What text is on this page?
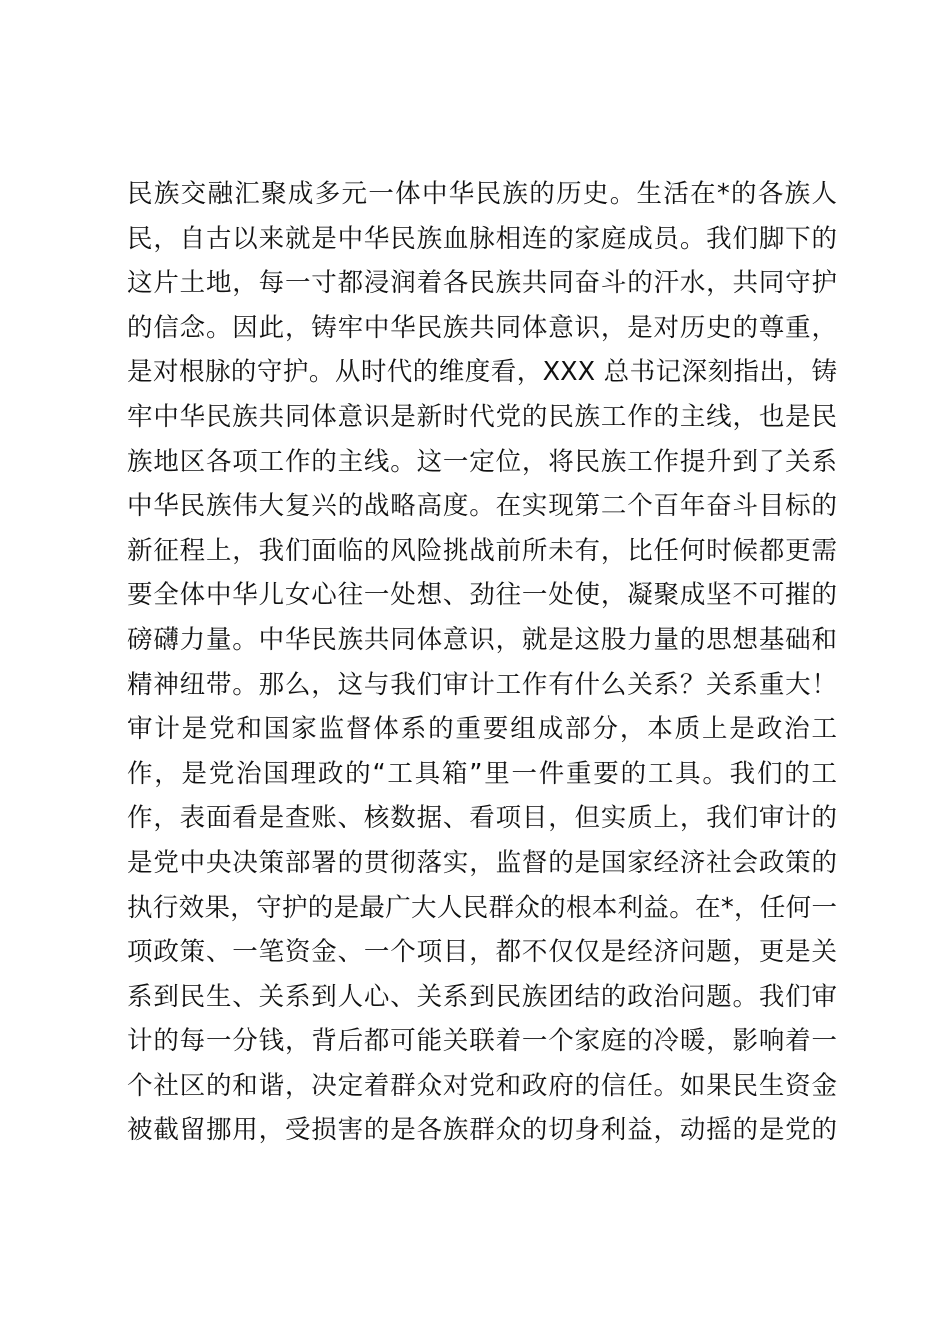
民族交融汇聚成多元一体中华民族的历史。生活在*的各族人
民，自古以来就是中华民族血脉相连的家庭成员。我们脚下的
这片土地，每一寸都浸润着各民族共同奋斗的汗水，共同守护
的信念。因此，铸牢中华民族共同体意识，是对历史的尊重，
是对根脉的守护。从时代的维度看，XXX 总书记深刻指出，铸
牢中华民族共同体意识是新时代党的民族工作的主线，也是民
族地区各项工作的主线。这一定位，将民族工作提升到了关系
中华民族伟大复兴的战略高度。在实现第二个百年奋斗目标的
新征程上，我们面临的风险挑战前所未有，比任何时候都更需
要全体中华儿女心往一处想、劲往一处使，凝聚成坚不可摧的
磅礴力量。中华民族共同体意识，就是这股力量的思想基础和
精神纽带。那么，这与我们审计工作有什么关系？关系重大！
审计是党和国家监督体系的重要组成部分，本质上是政治工
作，是党治国理政的“工具箱”里一件重要的工具。我们的工
作，表面看是查账、核数据、看项目，但实质上，我们审计的
是党中央决策部署的贯彻落实，监督的是国家经济社会政策的
执行效果，守护的是最广大人民群众的根本利益。在*，任何一
项政策、一笔资金、一个项目，都不仅仅是经济问题，更是关
系到民生、关系到人心、关系到民族团结的政治问题。我们审
计的每一分钱，背后都可能关联着一个家庭的冷暖，影响着一
个社区的和谐，决定着群众对党和政府的信任。如果民生资金
被截留挪用，受损害的是各族群众的切身利益，动摇的是党的
